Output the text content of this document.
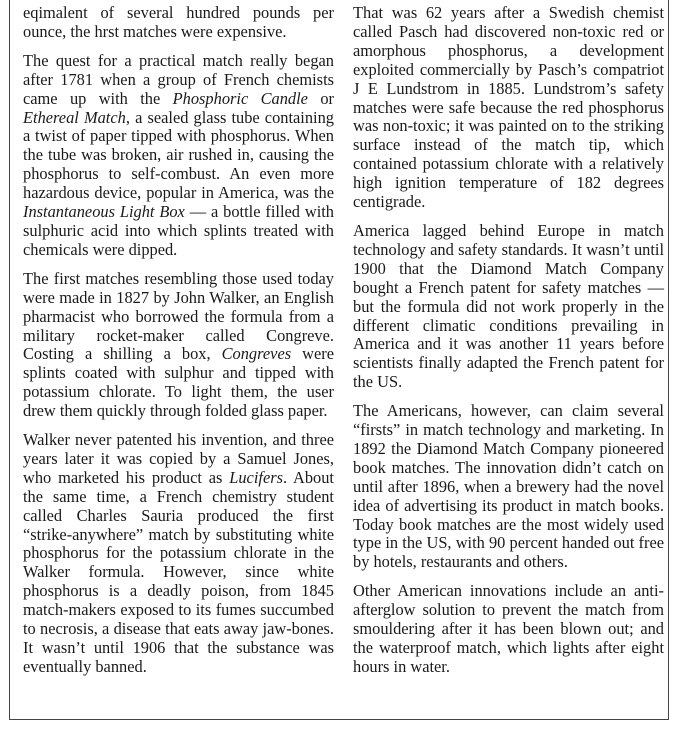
eqimalent of several hundred pounds per ounce, the hrst matches were expensive.

The quest for a practical match really began after 1781 when a group of French chemists came up with the Phosphoric Candle or Ethereal Match, a sealed glass tube containing a twist of paper tipped with phosphorus. When the tube was broken, air rushed in, causing the phosphorus to self-combust. An even more hazardous device, popular in America, was the Instantaneous Light Box — a bottle filled with sulphuric acid into which splints treated with chemicals were dipped.

The first matches resembling those used today were made in 1827 by John Walker, an English pharmacist who borrowed the formula from a military rocket-maker called Congreve. Costing a shilling a box, Congreves were splints coated with sulphur and tipped with potassium chlorate. To light them, the user drew them quickly through folded glass paper.

Walker never patented his invention, and three years later it was copied by a Samuel Jones, who marketed his product as Lucifers. About the same time, a French chemistry student called Charles Sauria produced the first “strike-anywhere” match by substituting white phosphorus for the potassium chlorate in the Walker formula. However, since white phosphorus is a deadly poison, from 1845 match-makers exposed to its fumes succumbed to necrosis, a disease that eats away jaw-bones. It wasn’t until 1906 that the substance was eventually banned.

That was 62 years after a Swedish chemist called Pasch had discovered non-toxic red or amorphous phosphorus, a development exploited commercially by Pasch’s compatriot J E Lundstrom in 1885. Lundstrom’s safety matches were safe because the red phosphorus was non-toxic; it was painted on to the striking surface instead of the match tip, which contained potassium chlorate with a relatively high ignition temperature of 182 degrees centigrade.

America lagged behind Europe in match technology and safety standards. It wasn’t until 1900 that the Diamond Match Company bought a French patent for safety matches — but the formula did not work properly in the different climatic conditions prevailing in America and it was another 11 years before scientists finally adapted the French patent for the US.

The Americans, however, can claim several “firsts” in match technology and marketing. In 1892 the Diamond Match Company pioneered book matches. The innovation didn’t catch on until after 1896, when a brewery had the novel idea of advertising its product in match books. Today book matches are the most widely used type in the US, with 90 percent handed out free by hotels, restaurants and others.

Other American innovations include an anti-afterglow solution to prevent the match from smouldering after it has been blown out; and the waterproof match, which lights after eight hours in water.
